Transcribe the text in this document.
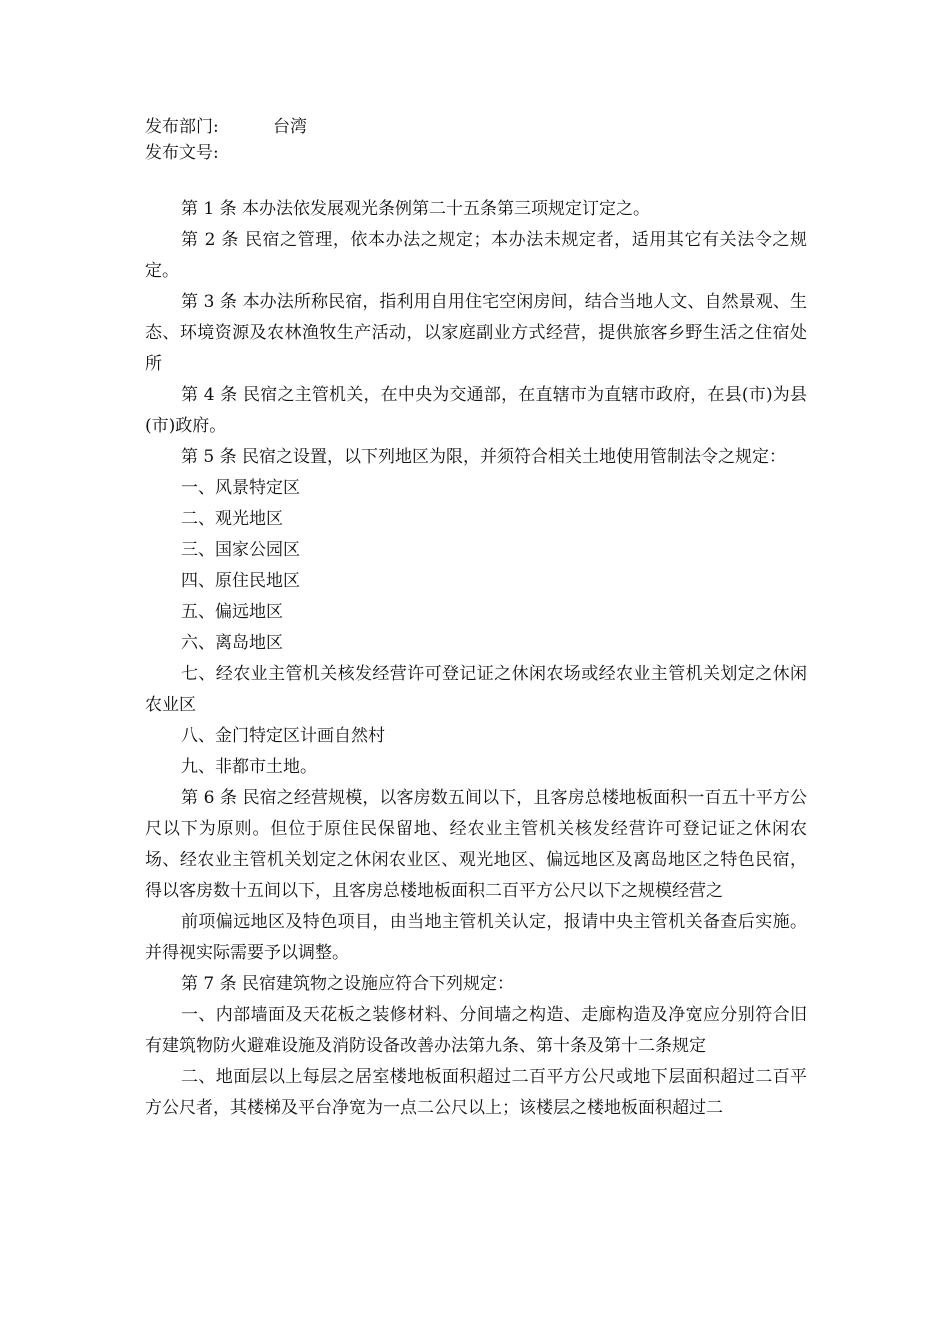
发布部门:	台湾
发布文号:

第 1 条 本办法依发展观光条例第二十五条第三项规定订定之。

第 2 条 民宿之管理，依本办法之规定；本办法未规定者，适用其它有关法令之规定。

第 3 条 本办法所称民宿，指利用自用住宅空闲房间，结合当地人文、自然景观、生态、环境资源及农林渔牧生产活动，以家庭副业方式经营，提供旅客乡野生活之住宿处所

第 4 条 民宿之主管机关，在中央为交通部，在直辖市为直辖市政府，在县(市)为县(市)政府。

第 5 条 民宿之设置，以下列地区为限，并须符合相关土地使用管制法令之规定：

一、风景特定区

二、观光地区

三、国家公园区

四、原住民地区

五、偏远地区

六、离岛地区

七、经农业主管机关核发经营许可登记证之休闲农场或经农业主管机关划定之休闲农业区

八、金门特定区计画自然村

九、非都市土地。

第 6 条 民宿之经营规模，以客房数五间以下，且客房总楼地板面积一百五十平方公尺以下为原则。但位于原住民保留地、经农业主管机关核发经营许可登记证之休闲农场、经农业主管机关划定之休闲农业区、观光地区、偏远地区及离岛地区之特色民宿，得以客房数十五间以下，且客房总楼地板面积二百平方公尺以下之规模经营之

前项偏远地区及特色项目，由当地主管机关认定，报请中央主管机关备查后实施。并得视实际需要予以调整。

第 7 条 民宿建筑物之设施应符合下列规定：

一、内部墙面及天花板之装修材料、分间墙之构造、走廊构造及净宽应分别符合旧有建筑物防火避难设施及消防设备改善办法第九条、第十条及第十二条规定

二、地面层以上每层之居室楼地板面积超过二百平方公尺或地下层面积超过二百平方公尺者，其楼梯及平台净宽为一点二公尺以上；该楼层之楼地板面积超过二
